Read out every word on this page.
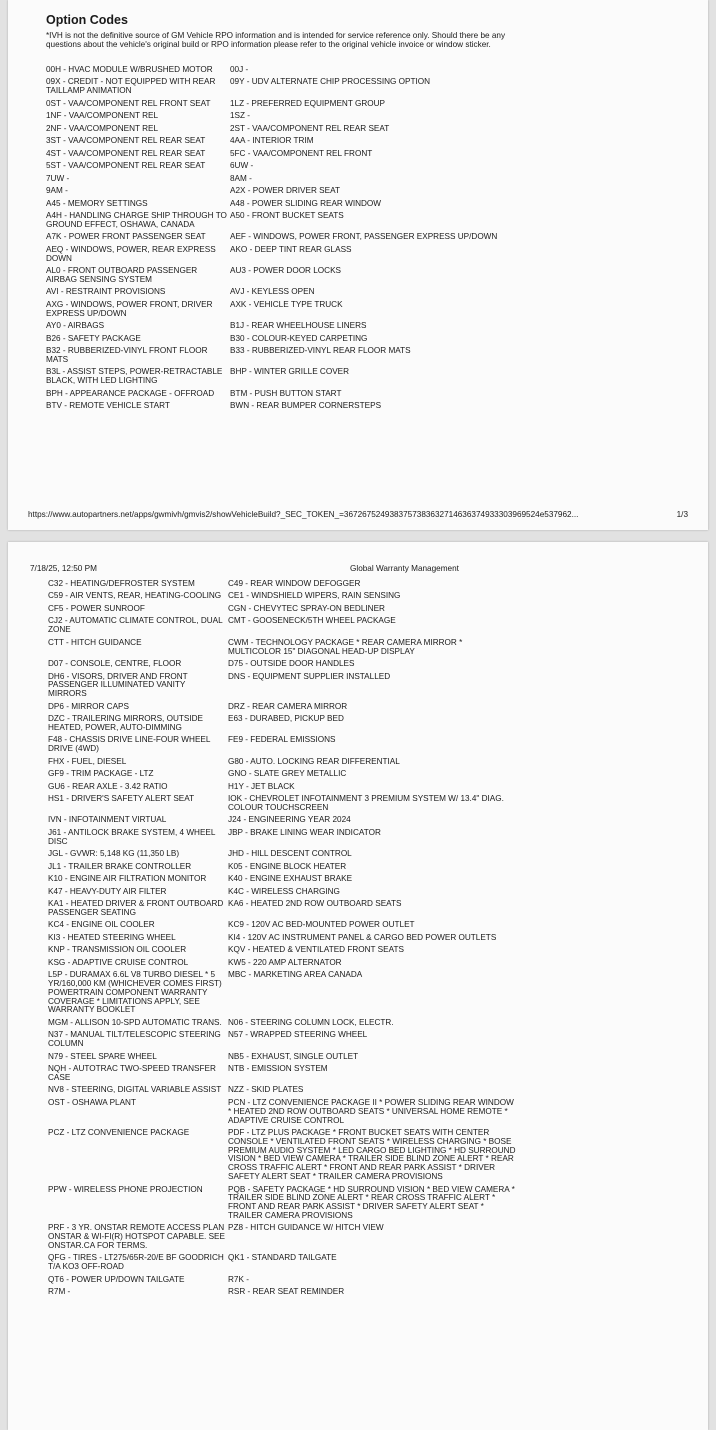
Option Codes

*IVH is not the definitive source of GM Vehicle RPO information and is intended for service reference only. Should there be any questions about the vehicle's original build or RPO information please refer to the original vehicle invoice or window sticker.

00H - HVAC MODULE W/BRUSHED MOTOR	00J -
09X - CREDIT - NOT EQUIPPED WITH REAR TAILLAMP ANIMATION	09Y - UDV ALTERNATE CHIP PROCESSING OPTION
0ST - VAA/COMPONENT REL FRONT SEAT	1LZ - PREFERRED EQUIPMENT GROUP
1NF - VAA/COMPONENT REL	1SZ -
2NF - VAA/COMPONENT REL	2ST - VAA/COMPONENT REL REAR SEAT
3ST - VAA/COMPONENT REL REAR SEAT	4AA - INTERIOR TRIM
4ST - VAA/COMPONENT REL REAR SEAT	5FC - VAA/COMPONENT REL FRONT
5ST - VAA/COMPONENT REL REAR SEAT	6UW -
7UW -	8AM -
9AM -	A2X - POWER DRIVER SEAT
A45 - MEMORY SETTINGS	A48 - POWER SLIDING REAR WINDOW
A4H - HANDLING CHARGE SHIP THROUGH TO GROUND EFFECT, OSHAWA, CANADA	A50 - FRONT BUCKET SEATS
A7K - POWER FRONT PASSENGER SEAT	AEF - WINDOWS, POWER FRONT, PASSENGER EXPRESS UP/DOWN
AEQ - WINDOWS, POWER, REAR EXPRESS DOWN	AKO - DEEP TINT REAR GLASS
AL0 - FRONT OUTBOARD PASSENGER AIRBAG SENSING SYSTEM	AU3 - POWER DOOR LOCKS
AVI - RESTRAINT PROVISIONS	AVJ - KEYLESS OPEN
AXG - WINDOWS, POWER FRONT, DRIVER EXPRESS UP/DOWN	AXK - VEHICLE TYPE TRUCK
AY0 - AIRBAGS	B1J - REAR WHEELHOUSE LINERS
B26 - SAFETY PACKAGE	B30 - COLOUR-KEYED CARPETING
B32 - RUBBERIZED-VINYL FRONT FLOOR MATS	B33 - RUBBERIZED-VINYL REAR FLOOR MATS
B3L - ASSIST STEPS, POWER-RETRACTABLE BLACK, WITH LED LIGHTING	BHP - WINTER GRILLE COVER
BPH - APPEARANCE PACKAGE - OFFROAD	BTM - PUSH BUTTON START
BTV - REMOTE VEHICLE START	BWN - REAR BUMPER CORNERSTEPS
https://www.autopartners.net/apps/gwmivh/gmvis2/showVehicleBuild?_SEC_TOKEN_=3672675249383757383632714636374933303969524e537962...	1/3
7/18/25, 12:50 PM	Global Warranty Management
C32 - HEATING/DEFROSTER SYSTEM	C49 - REAR WINDOW DEFOGGER
C59 - AIR VENTS, REAR, HEATING-COOLING	CE1 - WINDSHIELD WIPERS, RAIN SENSING
CF5 - POWER SUNROOF	CGN - CHEVYTEC SPRAY-ON BEDLINER
CJ2 - AUTOMATIC CLIMATE CONTROL, DUAL ZONE	CMT - GOOSENECK/5TH WHEEL PACKAGE
CTT - HITCH GUIDANCE	CWM - TECHNOLOGY PACKAGE * REAR CAMERA MIRROR * MULTICOLOR 15" DIAGONAL HEAD-UP DISPLAY
D07 - CONSOLE, CENTRE, FLOOR	D75 - OUTSIDE DOOR HANDLES
DH6 - VISORS, DRIVER AND FRONT PASSENGER ILLUMINATED VANITY MIRRORS	DNS - EQUIPMENT SUPPLIER INSTALLED
DP6 - MIRROR CAPS	DRZ - REAR CAMERA MIRROR
DZC - TRAILERING MIRRORS, OUTSIDE HEATED, POWER, AUTO-DIMMING	E63 - DURABED, PICKUP BED
F48 - CHASSIS DRIVE LINE-FOUR WHEEL DRIVE (4WD)	FE9 - FEDERAL EMISSIONS
FHX - FUEL, DIESEL	G80 - AUTO. LOCKING REAR DIFFERENTIAL
GF9 - TRIM PACKAGE - LTZ	GNO - SLATE GREY METALLIC
GU6 - REAR AXLE - 3.42 RATIO	H1Y - JET BLACK
HS1 - DRIVER'S SAFETY ALERT SEAT	IOK - CHEVROLET INFOTAINMENT 3 PREMIUM SYSTEM W/ 13.4" DIAG. COLOUR TOUCHSCREEN
IVN - INFOTAINMENT VIRTUAL	J24 - ENGINEERING YEAR 2024
J61 - ANTILOCK BRAKE SYSTEM, 4 WHEEL DISC	JBP - BRAKE LINING WEAR INDICATOR
JGL - GVWR: 5,148 KG (11,350 LB)	JHD - HILL DESCENT CONTROL
JL1 - TRAILER BRAKE CONTROLLER	K05 - ENGINE BLOCK HEATER
K10 - ENGINE AIR FILTRATION MONITOR	K40 - ENGINE EXHAUST BRAKE
K47 - HEAVY-DUTY AIR FILTER	K4C - WIRELESS CHARGING
KA1 - HEATED DRIVER & FRONT OUTBOARD PASSENGER SEATING	KA6 - HEATED 2ND ROW OUTBOARD SEATS
KC4 - ENGINE OIL COOLER	KC9 - 120V AC BED-MOUNTED POWER OUTLET
KI3 - HEATED STEERING WHEEL	KI4 - 120V AC INSTRUMENT PANEL & CARGO BED POWER OUTLETS
KNP - TRANSMISSION OIL COOLER	KQV - HEATED & VENTILATED FRONT SEATS
KSG - ADAPTIVE CRUISE CONTROL	KW5 - 220 AMP ALTERNATOR
L5P - DURAMAX 6.6L V8 TURBO DIESEL * 5 YR/160,000 KM (WHICHEVER COMES FIRST) POWERTRAIN COMPONENT WARRANTY COVERAGE * LIMITATIONS APPLY, SEE WARRANTY BOOKLET	MBC - MARKETING AREA CANADA
MGM - ALLISON 10-SPD AUTOMATIC TRANS.	N06 - STEERING COLUMN LOCK, ELECTR.
N37 - MANUAL TILT/TELESCOPIC STEERING COLUMN	N57 - WRAPPED STEERING WHEEL
N79 - STEEL SPARE WHEEL	NB5 - EXHAUST, SINGLE OUTLET
NQH - AUTOTRAC TWO-SPEED TRANSFER CASE	NTB - EMISSION SYSTEM
NV8 - STEERING, DIGITAL VARIABLE ASSIST	NZZ - SKID PLATES
OST - OSHAWA PLANT	PCN - LTZ CONVENIENCE PACKAGE II * POWER SLIDING REAR WINDOW * HEATED 2ND ROW OUTBOARD SEATS * UNIVERSAL HOME REMOTE * ADAPTIVE CRUISE CONTROL
PCZ - LTZ CONVENIENCE PACKAGE	PDF - LTZ PLUS PACKAGE * FRONT BUCKET SEATS WITH CENTER CONSOLE * VENTILATED FRONT SEATS * WIRELESS CHARGING * BOSE PREMIUM AUDIO SYSTEM * LED CARGO BED LIGHTING * HD SURROUND VISION * BED VIEW CAMERA * TRAILER SIDE BLIND ZONE ALERT * REAR CROSS TRAFFIC ALERT * FRONT AND REAR PARK ASSIST * DRIVER SAFETY ALERT SEAT * TRAILER CAMERA PROVISIONS
PPW - WIRELESS PHONE PROJECTION	PQB - SAFETY PACKAGE * HD SURROUND VISION * BED VIEW CAMERA * TRAILER SIDE BLIND ZONE ALERT * REAR CROSS TRAFFIC ALERT * FRONT AND REAR PARK ASSIST * DRIVER SAFETY ALERT SEAT * TRAILER CAMERA PROVISIONS
PRF - 3 YR. ONSTAR REMOTE ACCESS PLAN ONSTAR & WI-FI(R) HOTSPOT CAPABLE. SEE ONSTAR.CA FOR TERMS.	PZ8 - HITCH GUIDANCE W/ HITCH VIEW
QFG - TIRES - LT275/65R-20/E BF GOODRICH T/A KO3 OFF-ROAD	QK1 - STANDARD TAILGATE
QT6 - POWER UP/DOWN TAILGATE	R7K -
R7M -	RSR - REAR SEAT REMINDER
